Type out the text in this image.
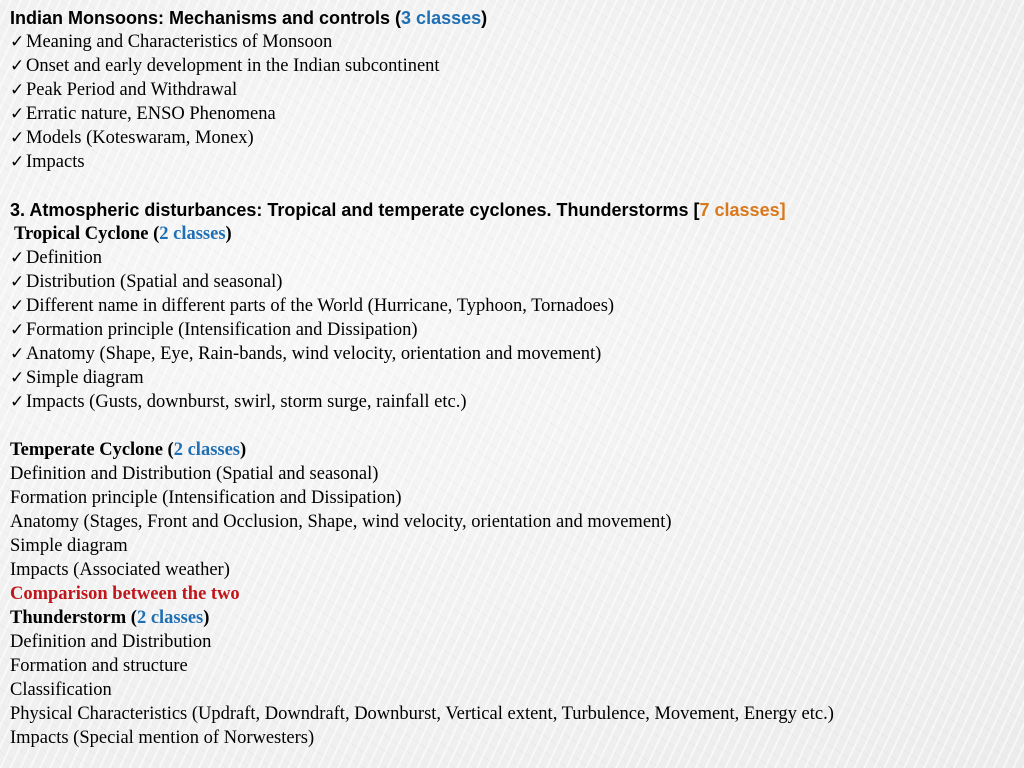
Indian Monsoons: Mechanisms and controls (3 classes)
✓Meaning and Characteristics of Monsoon
✓Onset and early development in the Indian subcontinent
✓Peak Period and Withdrawal
✓Erratic nature, ENSO Phenomena
✓Models (Koteswaram, Monex)
✓Impacts
3. Atmospheric disturbances: Tropical and temperate cyclones. Thunderstorms [7 classes]
Tropical Cyclone (2 classes)
✓Definition
✓Distribution (Spatial and seasonal)
✓Different name in different parts of the World (Hurricane, Typhoon, Tornadoes)
✓Formation principle (Intensification and Dissipation)
✓Anatomy (Shape, Eye, Rain-bands, wind velocity, orientation and movement)
✓Simple diagram
✓Impacts (Gusts, downburst, swirl, storm surge, rainfall etc.)
Temperate Cyclone (2 classes)
Definition and Distribution (Spatial and seasonal)
Formation principle (Intensification and Dissipation)
Anatomy (Stages, Front and Occlusion, Shape, wind velocity, orientation and movement)
Simple diagram
Impacts (Associated weather)
Comparison between the two
Thunderstorm (2 classes)
Definition and Distribution
Formation and structure
Classification
Physical Characteristics (Updraft, Downdraft, Downburst, Vertical extent, Turbulence, Movement, Energy etc.)
Impacts (Special mention of Norwesters)
